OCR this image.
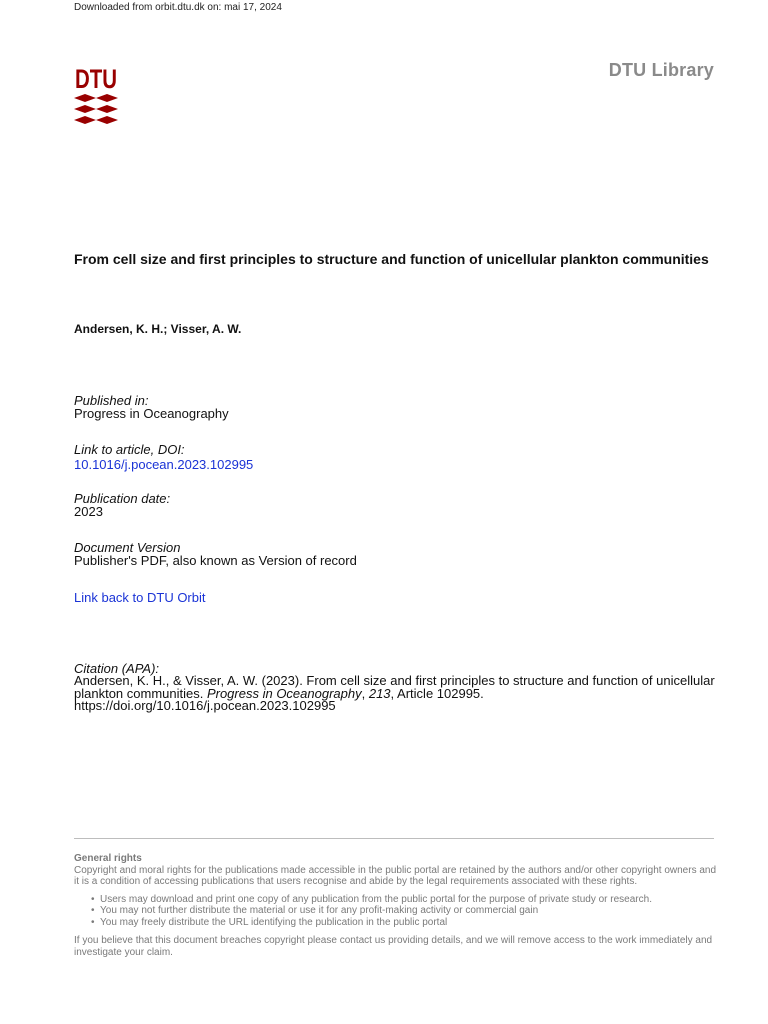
Downloaded from orbit.dtu.dk on: mai 17, 2024
DTU	DTU Library
From cell size and first principles to structure and function of unicellular plankton communities
Andersen, K. H.; Visser, A. W.
Published in:
Progress in Oceanography
Link to article, DOI:
10.1016/j.pocean.2023.102995
Publication date:
2023
Document Version
Publisher's PDF, also known as Version of record
Link back to DTU Orbit
Citation (APA):
Andersen, K. H., & Visser, A. W. (2023). From cell size and first principles to structure and function of unicellular plankton communities. Progress in Oceanography, 213, Article 102995.
https://doi.org/10.1016/j.pocean.2023.102995
General rights
Copyright and moral rights for the publications made accessible in the public portal are retained by the authors and/or other copyright owners and it is a condition of accessing publications that users recognise and abide by the legal requirements associated with these rights.
• Users may download and print one copy of any publication from the public portal for the purpose of private study or research.
• You may not further distribute the material or use it for any profit-making activity or commercial gain
• You may freely distribute the URL identifying the publication in the public portal
If you believe that this document breaches copyright please contact us providing details, and we will remove access to the work immediately and investigate your claim.
